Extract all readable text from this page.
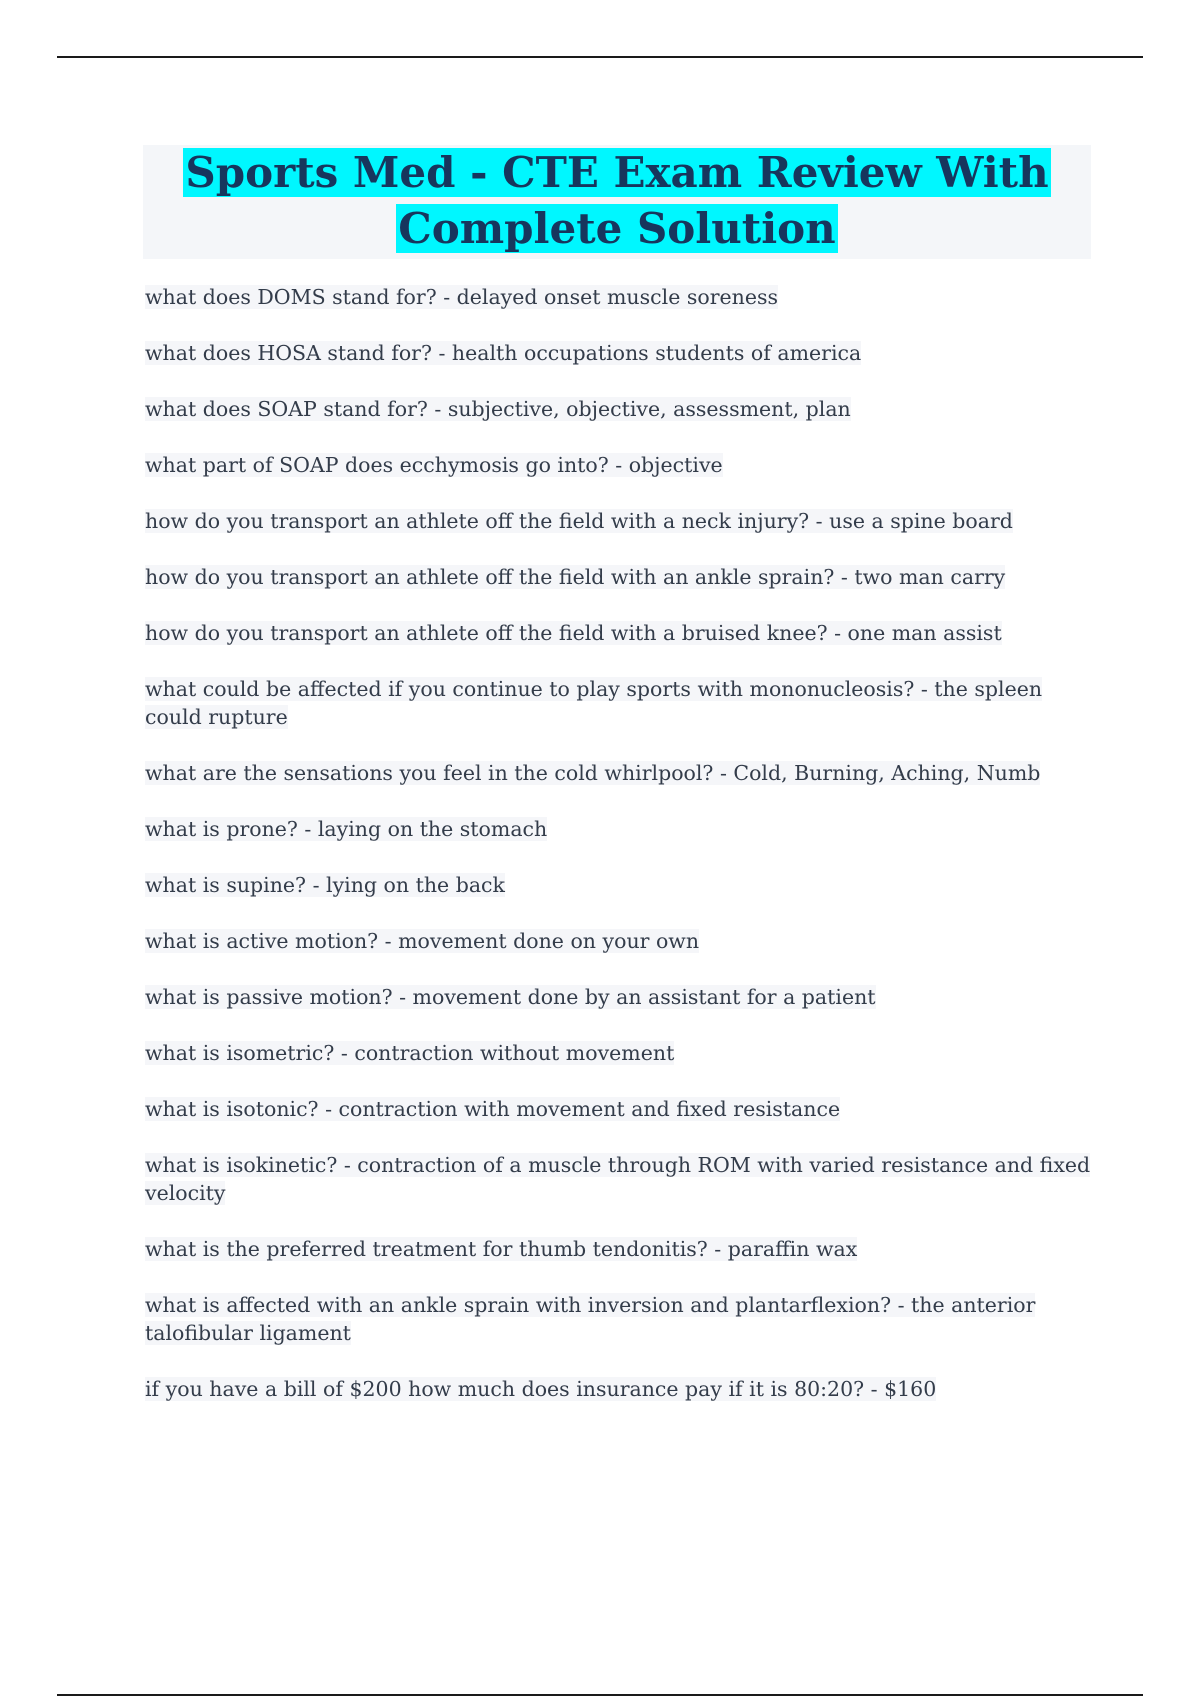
Sports Med - CTE Exam Review With
Complete Solution
what does DOMS stand for? - delayed onset muscle soreness
what does HOSA stand for? - health occupations students of america
what does SOAP stand for? - subjective, objective, assessment, plan
what part of SOAP does ecchymosis go into? - objective
how do you transport an athlete off the field with a neck injury? - use a spine board
how do you transport an athlete off the field with an ankle sprain? - two man carry
how do you transport an athlete off the field with a bruised knee? - one man assist
what could be affected if you continue to play sports with mononucleosis? - the spleen could rupture
what are the sensations you feel in the cold whirlpool? - Cold, Burning, Aching, Numb
what is prone? - laying on the stomach
what is supine? - lying on the back
what is active motion? - movement done on your own
what is passive motion? - movement done by an assistant for a patient
what is isometric? - contraction without movement
what is isotonic? - contraction with movement and fixed resistance
what is isokinetic? - contraction of a muscle through ROM with varied resistance and fixed velocity
what is the preferred treatment for thumb tendonitis? - paraffin wax
what is affected with an ankle sprain with inversion and plantarflexion? - the anterior talofibular ligament
if you have a bill of $200 how much does insurance pay if it is 80:20? - $160
